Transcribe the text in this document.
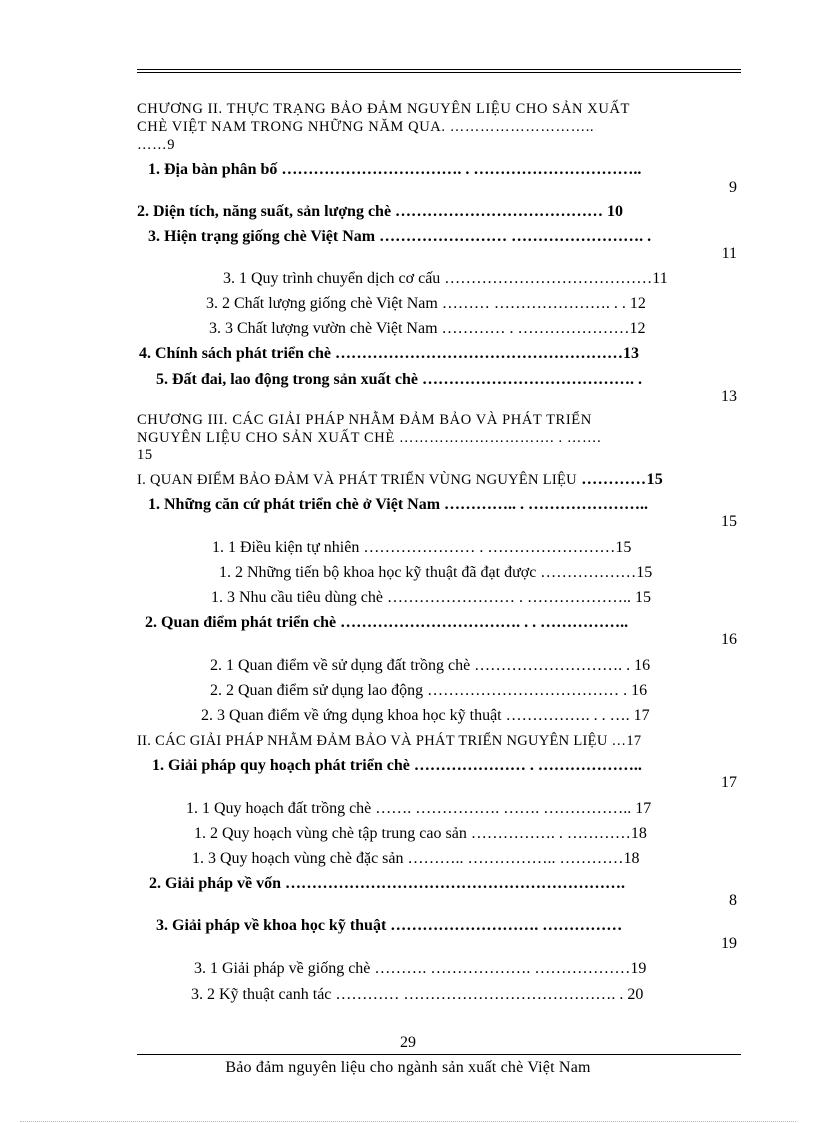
CHƯƠNG II. THỰC TRẠNG BẢO ĐẢM NGUYÊN LIỆU CHO SẢN XUẤT
CHÈ VIỆT NAM TRONG NHỮNG NĂM QUA. ………………………..
……9
1. Địa bàn phân bố ……………………………. . …………………………..
9
2. Diện tích, năng suất, sản lượng chè ………………………………… 10
3. Hiện trạng giống chè Việt Nam …………………… ……………………. .
11
3. 1 Quy trình chuyển dịch cơ cấu …………………………………11
3. 2 Chất lượng giống chè Việt Nam ……… …………………. . . 12
3. 3 Chất lượng vườn chè Việt Nam ………… . …………………12
4. Chính sách phát triển chè ………………………………………………13
5. Đất đai, lao động trong sản xuất chè …………………………………. .
13
CHƯƠNG III. CÁC GIẢI PHÁP NHẰM ĐẢM BẢO VÀ PHÁT TRIỂN
NGUYÊN LIỆU CHO SẢN XUẤT CHÈ …………………………. . …….
15
I. QUAN ĐIỂM BẢO ĐẢM VÀ PHÁT TRIỂN VÙNG NGUYÊN LIỆU …………15
1. Những căn cứ phát triển chè ở Việt Nam ………….. . …………………..
15
1. 1 Điều kiện tự nhiên ………………… . ……………………15
1. 2 Những tiến bộ khoa học kỹ thuật đã đạt được ………………15
1. 3 Nhu cầu tiêu dùng chè …………………… . ……………….. 15
2. Quan điểm phát triển chè ……………………………. . . ……………..
16
2. 1 Quan điểm về sử dụng đất trồng chè ………………………. . 16
2. 2 Quan điểm sử dụng lao động ……………………………… . 16
2. 3 Quan điểm về ứng dụng khoa học kỹ thuật ……………. . . …. 17
II. CÁC GIẢI PHÁP NHẰM ĐẢM BẢO VÀ PHÁT TRIỂN NGUYÊN LIỆU …17
1. Giải pháp quy hoạch phát triển chè ………………… . ………………..
17
1. 1 Quy hoạch đất trồng chè ……. ……………. ……. …………….. 17
1. 2 Quy hoạch vùng chè tập trung cao sản ……………. . …………18
1. 3 Quy hoạch vùng chè đặc sản ……….. …………….. …………18
2. Giải pháp về vốn ……………………………………………………….
8
3. Giải pháp về khoa học kỹ thuật ………………………. ……………
19
3. 1 Giải pháp về giống chè ………. ………………. ………………19
3. 2 Kỹ thuật canh tác ………… …………………………………. . 20
29
Bảo đảm nguyên liệu cho ngành sản xuất chè Việt Nam
